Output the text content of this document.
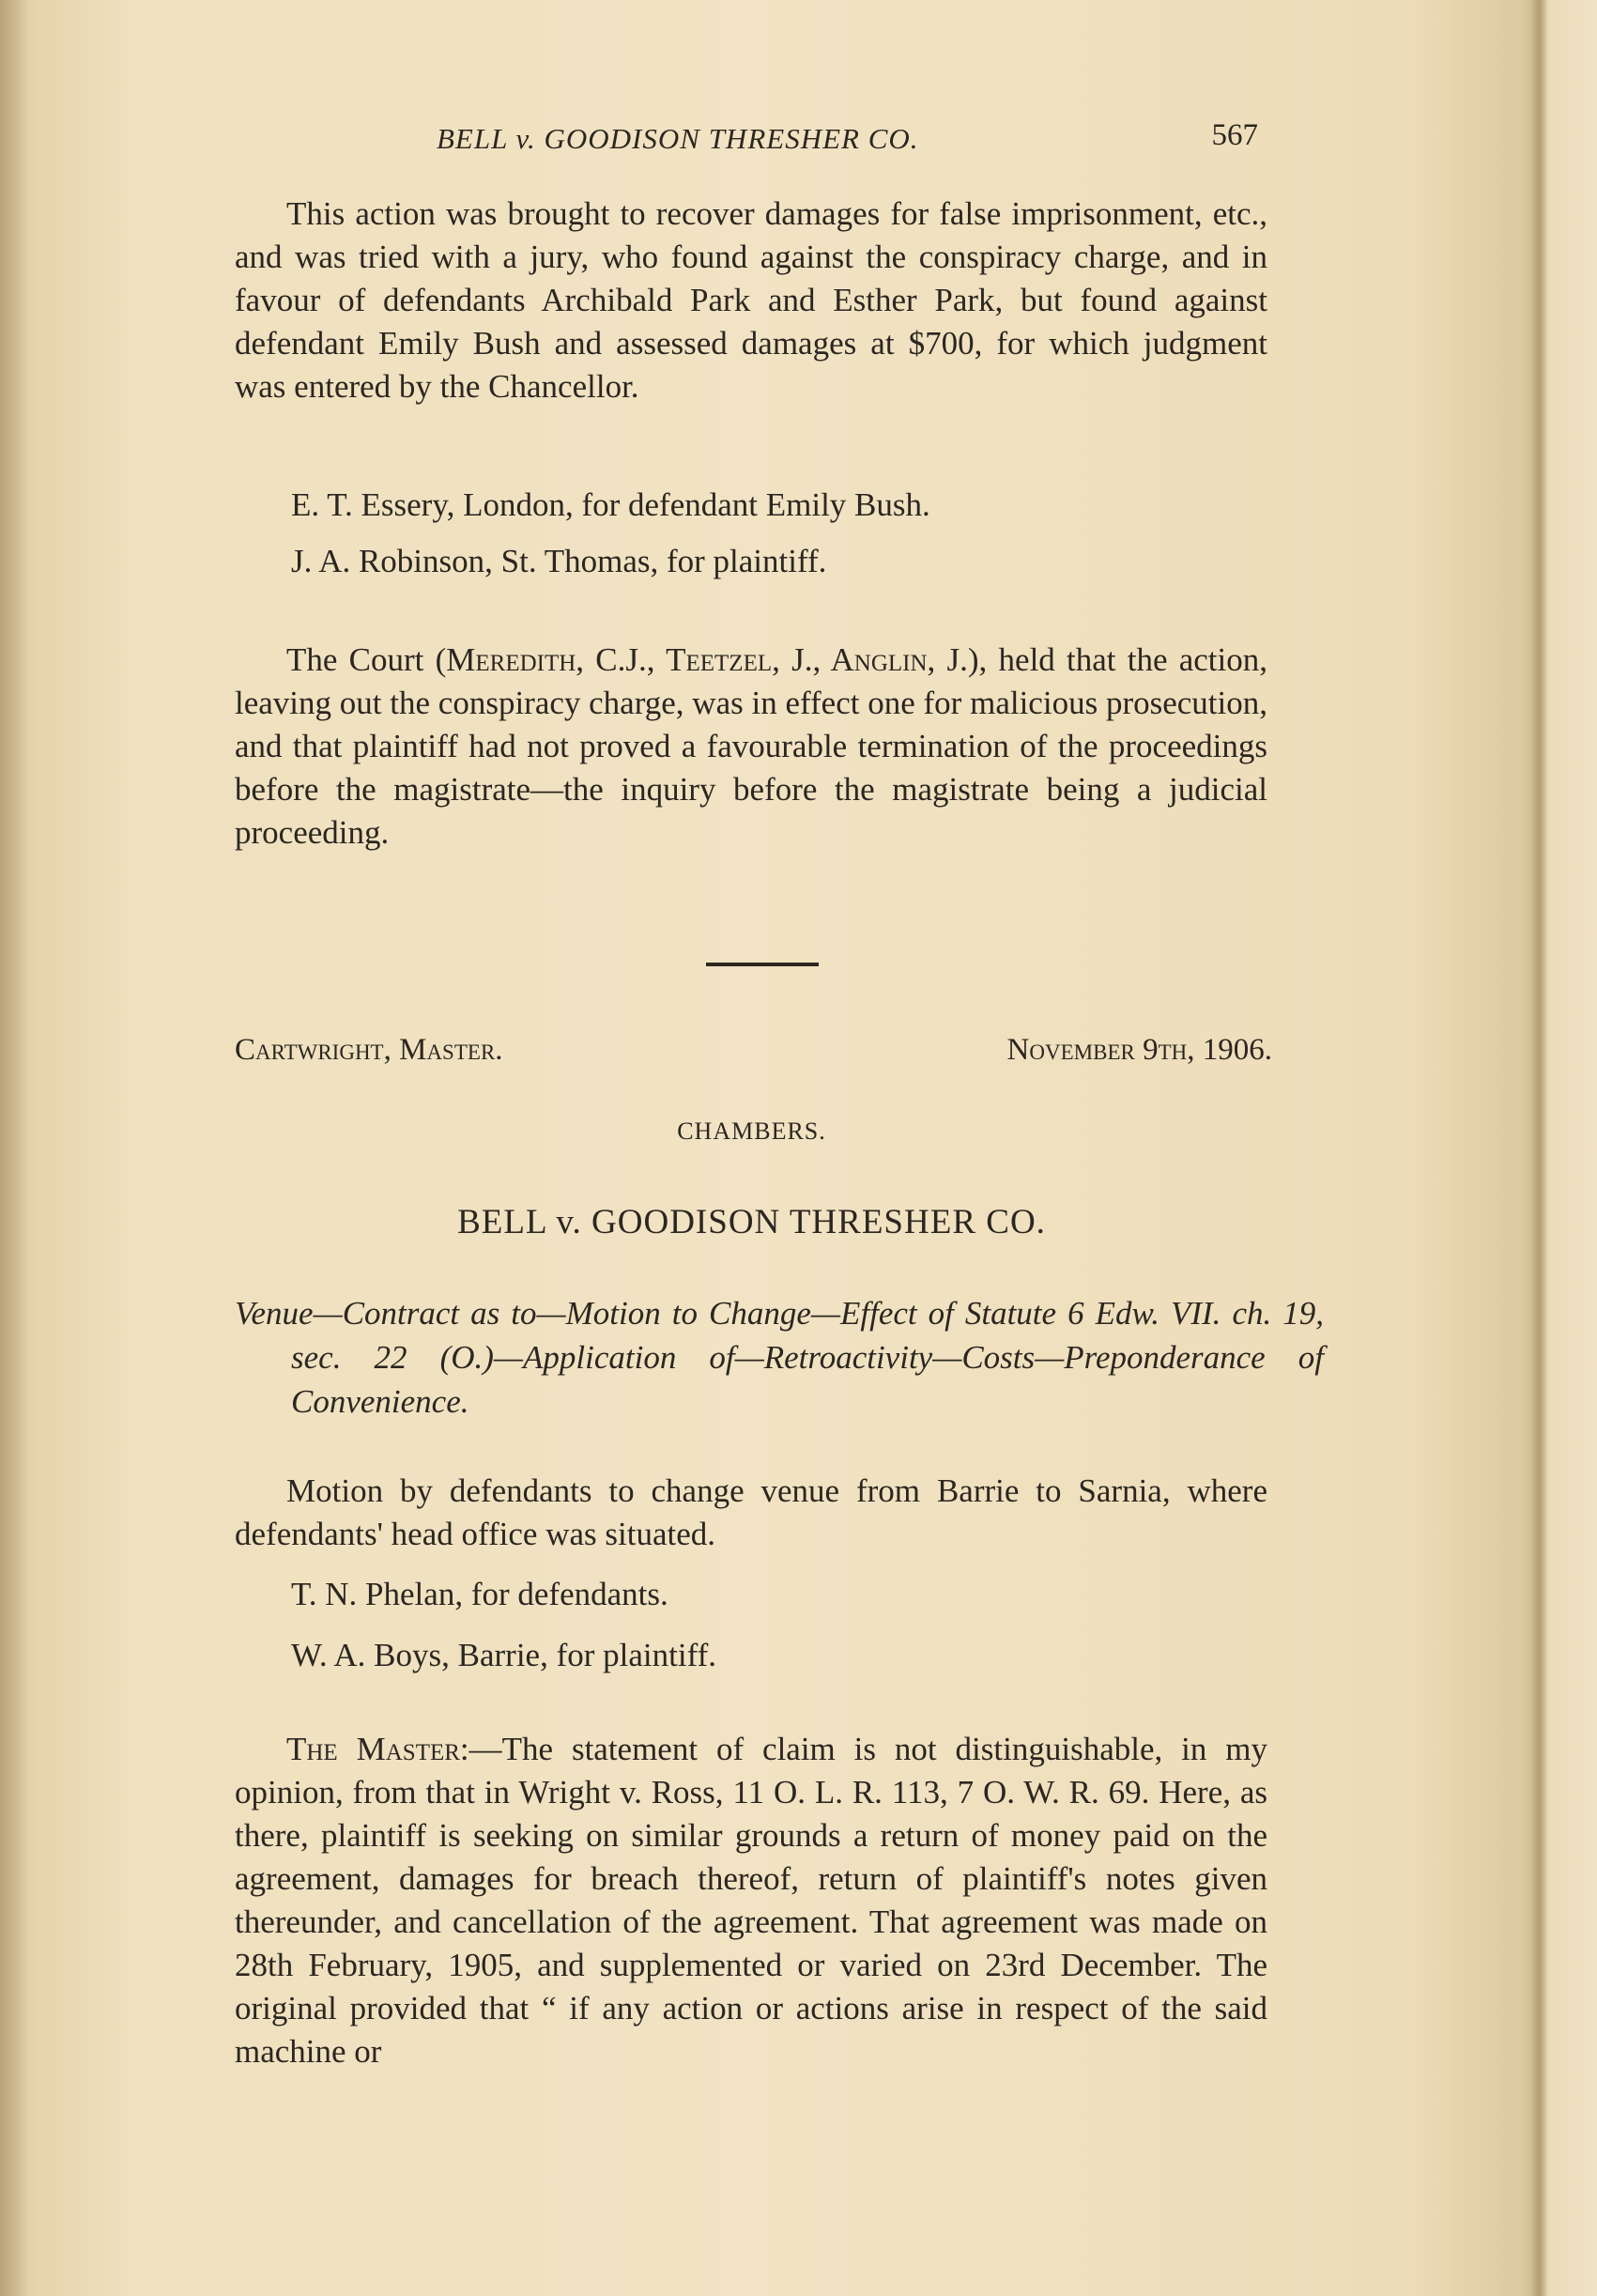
BELL v. GOODISON THRESHER CO.	567

This action was brought to recover damages for false imprisonment, etc., and was tried with a jury, who found against the conspiracy charge, and in favour of defendants Archibald Park and Esther Park, but found against defendant Emily Bush and assessed damages at $700, for which judgment was entered by the Chancellor.

E. T. Essery, London, for defendant Emily Bush.
J. A. Robinson, St. Thomas, for plaintiff.

The Court (Meredith, C.J., Teetzel, J., Anglin, J.), held that the action, leaving out the conspiracy charge, was in effect one for malicious prosecution, and that plaintiff had not proved a favourable termination of the proceedings before the magistrate—the inquiry before the magistrate being a judicial proceeding.

Cartwright, Master.	November 9th, 1906.
CHAMBERS.
BELL v. GOODISON THRESHER CO.

Venue—Contract as to—Motion to Change—Effect of Statute 6 Edw. VII. ch. 19, sec. 22 (O.)—Application of—Retroactivity—Costs—Preponderance of Convenience.

Motion by defendants to change venue from Barrie to Sarnia, where defendants' head office was situated.

T. N. Phelan, for defendants.
W. A. Boys, Barrie, for plaintiff.

The Master:—The statement of claim is not distinguishable, in my opinion, from that in Wright v. Ross, 11 O. L. R. 113, 7 O. W. R. 69. Here, as there, plaintiff is seeking on similar grounds a return of money paid on the agreement, damages for breach thereof, return of plaintiff's notes given thereunder, and cancellation of the agreement. That agreement was made on 28th February, 1905, and supplemented or varied on 23rd December. The original provided that “ if any action or actions arise in respect of the said machine or
